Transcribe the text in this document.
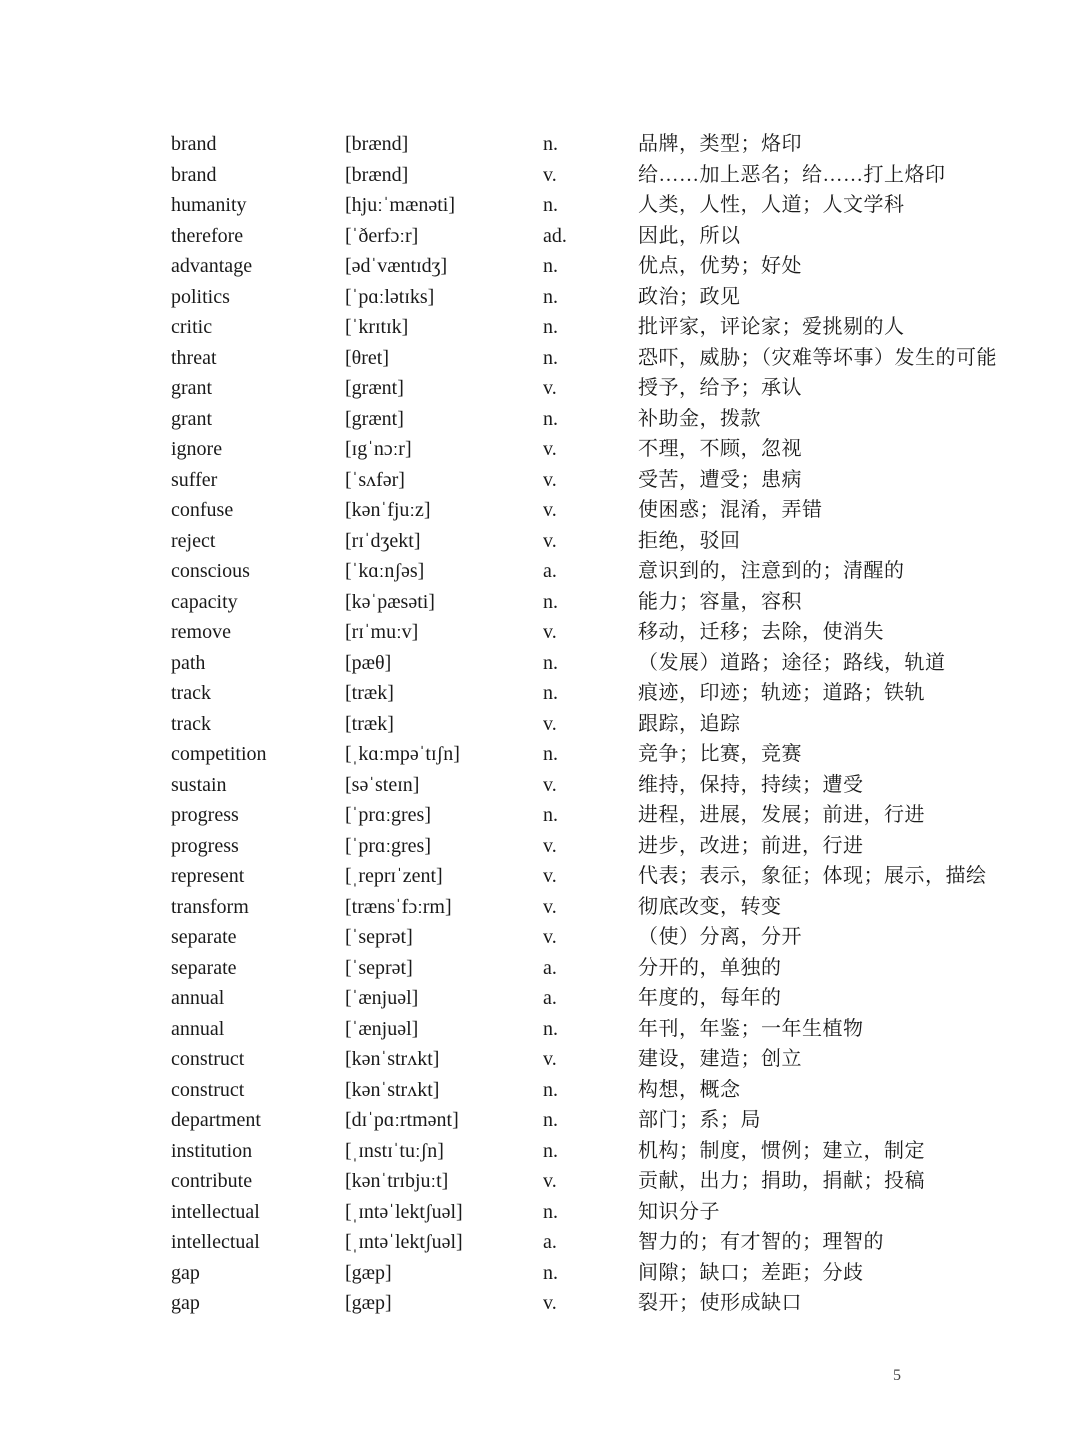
brand	[brænd]	n.	品牌，类型；烙印
brand	[brænd]	v.	给……加上恶名；给……打上烙印
humanity	[hjuːˈmænəti]	n.	人类，人性，人道；人文学科
therefore	[ˈðerfɔːr]	ad.	因此，所以
advantage	[ədˈvæntɪdʒ]	n.	优点，优势；好处
politics	[ˈpɑːlətɪks]	n.	政治；政见
critic	[ˈkrɪtɪk]	n.	批评家，评论家；爱挑剔的人
threat	[θret]	n.	恐吓，威胁；（灾难等坏事）发生的可能
grant	[grænt]	v.	授予，给予；承认
grant	[grænt]	n.	补助金，拨款
ignore	[ɪgˈnɔːr]	v.	不理，不顾，忽视
suffer	[ˈsʌfər]	v.	受苦，遭受；患病
confuse	[kənˈfjuːz]	v.	使困惑；混淆，弄错
reject	[rɪˈdʒekt]	v.	拒绝，驳回
conscious	[ˈkɑːnʃəs]	a.	意识到的，注意到的；清醒的
capacity	[kəˈpæsəti]	n.	能力；容量，容积
remove	[rɪˈmuːv]	v.	移动，迁移；去除，使消失
path	[pæθ]	n.	（发展）道路；途径；路线，轨道
track	[træk]	n.	痕迹，印迹；轨迹；道路；铁轨
track	[træk]	v.	跟踪，追踪
competition	[ˌkɑːmpəˈtɪʃn]	n.	竞争；比赛，竞赛
sustain	[səˈsteɪn]	v.	维持，保持，持续；遭受
progress	[ˈprɑːgres]	n.	进程，进展，发展；前进，行进
progress	[ˈprɑːgres]	v.	进步，改进；前进，行进
represent	[ˌreprɪˈzent]	v.	代表；表示，象征；体现；展示，描绘
transform	[trænsˈfɔːrm]	v.	彻底改变，转变
separate	[ˈseprət]	v.	（使）分离，分开
separate	[ˈseprət]	a.	分开的，单独的
annual	[ˈænjuəl]	a.	年度的，每年的
annual	[ˈænjuəl]	n.	年刊，年鉴；一年生植物
construct	[kənˈstrʌkt]	v.	建设，建造；创立
construct	[kənˈstrʌkt]	n.	构想，概念
department	[dɪˈpɑːrtmənt]	n.	部门；系；局
institution	[ˌɪnstɪˈtuːʃn]	n.	机构；制度，惯例；建立，制定
contribute	[kənˈtrɪbjuːt]	v.	贡献，出力；捐助，捐献；投稿
intellectual	[ˌɪntəˈlektʃuəl]	n.	知识分子
intellectual	[ˌɪntəˈlektʃuəl]	a.	智力的；有才智的；理智的
gap	[gæp]	n.	间隙；缺口；差距；分歧
gap	[gæp]	v.	裂开；使形成缺口
5
